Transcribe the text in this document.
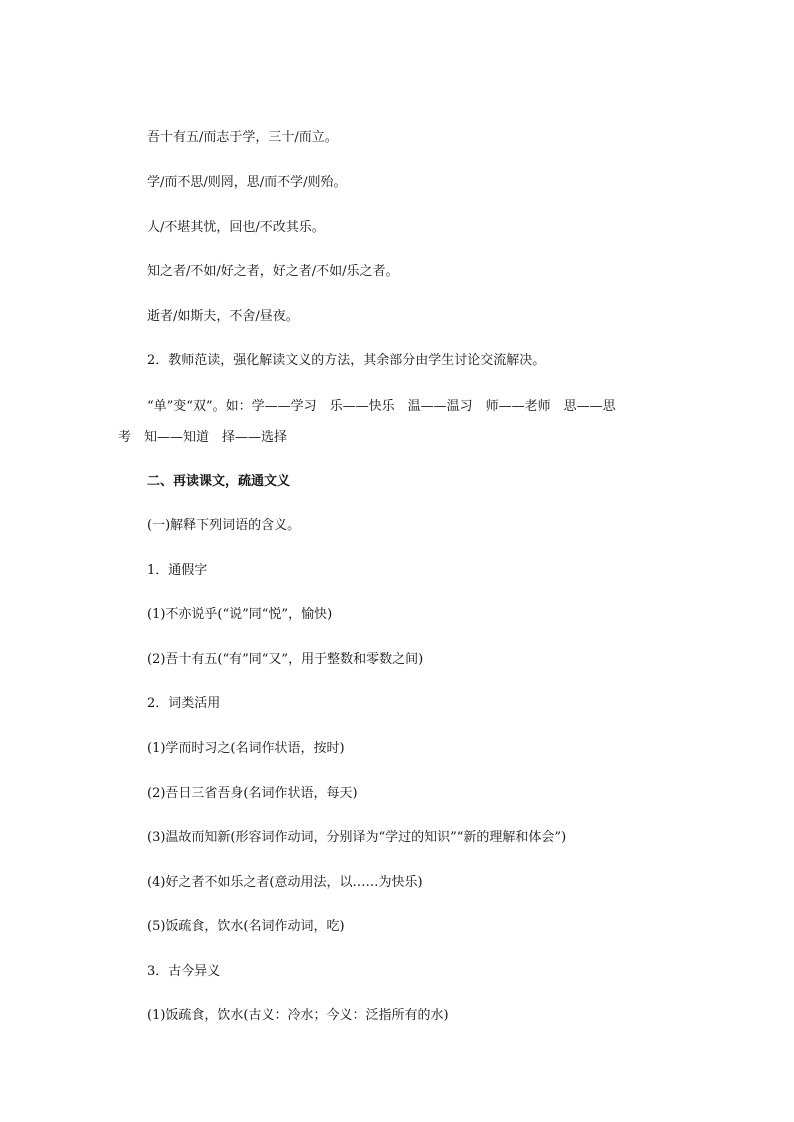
吾十有五/而志于学，三十/而立。
学/而不思/则罔，思/而不学/则殆。
人/不堪其忧，回也/不改其乐。
知之者/不如/好之者，好之者/不如/乐之者。
逝者/如斯夫，不舍/昼夜。
2．教师范读，强化解读文义的方法，其余部分由学生讨论交流解决。
“单”变“双”。如：学——学习　乐——快乐　温——温习　师——老师　思——思
考　知——知道　择——选择
二、再读课文，疏通文义
(一)解释下列词语的含义。
1．通假字
(1)不亦说乎(“说”同“悦”，愉快)
(2)吾十有五(“有”同“又”，用于整数和零数之间)
2．词类活用
(1)学而时习之(名词作状语，按时)
(2)吾日三省吾身(名词作状语，每天)
(3)温故而知新(形容词作动词，分别译为“学过的知识”“新的理解和体会”)
(4)好之者不如乐之者(意动用法，以……为快乐)
(5)饭疏食，饮水(名词作动词，吃)
3．古今异义
(1)饭疏食，饮水(古义：冷水；今义：泛指所有的水)
